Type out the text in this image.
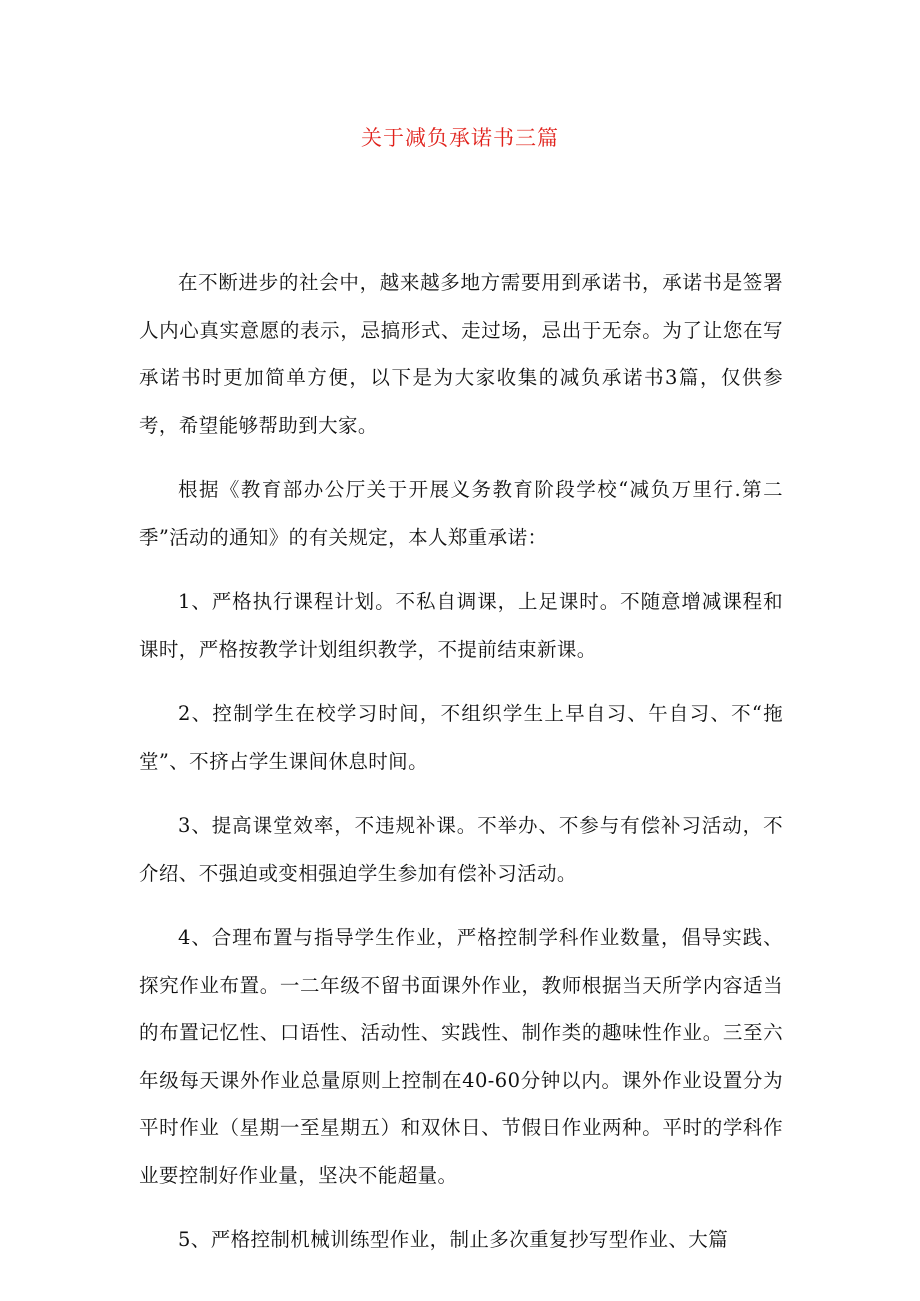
关于减负承诺书三篇

在不断进步的社会中，越来越多地方需要用到承诺书，承诺书是签署人内心真实意愿的表示，忌搞形式、走过场，忌出于无奈。为了让您在写承诺书时更加简单方便，以下是为大家收集的减负承诺书3篇，仅供参考，希望能够帮助到大家。

根据《教育部办公厅关于开展义务教育阶段学校“减负万里行.第二季”活动的通知》的有关规定，本人郑重承诺：

1、严格执行课程计划。不私自调课，上足课时。不随意增减课程和课时，严格按教学计划组织教学，不提前结束新课。

2、控制学生在校学习时间，不组织学生上早自习、午自习、不“拖堂”、不挤占学生课间休息时间。

3、提高课堂效率，不违规补课。不举办、不参与有偿补习活动，不介绍、不强迫或变相强迫学生参加有偿补习活动。

4、合理布置与指导学生作业，严格控制学科作业数量，倡导实践、探究作业布置。一二年级不留书面课外作业，教师根据当天所学内容适当的布置记忆性、口语性、活动性、实践性、制作类的趣味性作业。三至六年级每天课外作业总量原则上控制在40-60分钟以内。课外作业设置分为平时作业（星期一至星期五）和双休日、节假日作业两种。平时的学科作业要控制好作业量，坚决不能超量。

5、严格控制机械训练型作业，制止多次重复抄写型作业、大篇
